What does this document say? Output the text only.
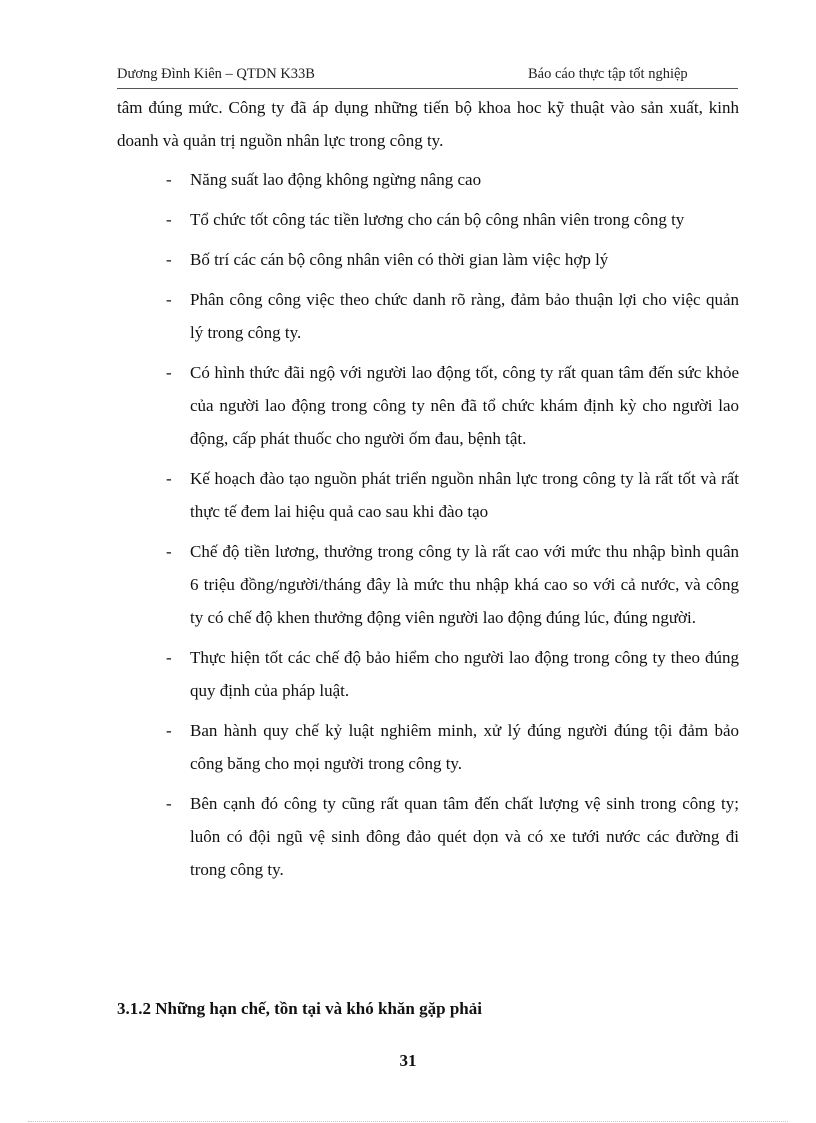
Dương Đình Kiên – QTDN K33B	Báo cáo thực tập tốt nghiệp

tâm đúng mức. Công ty đã áp dụng những tiến bộ khoa hoc kỹ thuật vào sản xuất, kinh doanh và quản trị nguồn nhân lực trong công ty.

- Năng suất lao động không ngừng nâng cao
- Tổ chức tốt công tác tiền lương cho cán bộ công nhân viên trong công ty
- Bố trí các cán bộ công nhân viên có thời gian làm việc hợp lý
- Phân công công việc theo chức danh rõ ràng, đảm bảo thuận lợi cho việc quản lý trong công ty.
- Có hình thức đãi ngộ với người lao động tốt, công ty rất quan tâm đến sức khỏe của người lao động trong công ty nên đã tổ chức khám định kỳ cho người lao động, cấp phát thuốc cho người ốm đau, bệnh tật.
- Kế hoạch đào tạo nguồn phát triển nguồn nhân lực trong công ty là rất tốt và rất thực tế đem lai hiệu quả cao sau khi đào tạo
- Chế độ tiền lương, thưởng trong công ty là rất cao với mức thu nhập bình quân 6 triệu đồng/người/tháng đây là mức thu nhập khá cao so với cả nước, và công ty có chế độ khen thưởng động viên người lao động đúng lúc, đúng người.
- Thực hiện tốt các chế độ bảo hiểm cho người lao động trong công ty theo đúng quy định của pháp luật.
- Ban hành quy chế kỷ luật nghiêm minh, xử lý đúng người đúng tội đảm bảo công băng cho mọi người trong công ty.
- Bên cạnh đó công ty cũng rất quan tâm đến chất lượng vệ sinh trong công ty; luôn có đội ngũ vệ sinh đông đảo quét dọn và có xe tưới nước các đường đi trong công ty.
3.1.2 Những hạn chế, tồn tại và khó khăn gặp phải
31
